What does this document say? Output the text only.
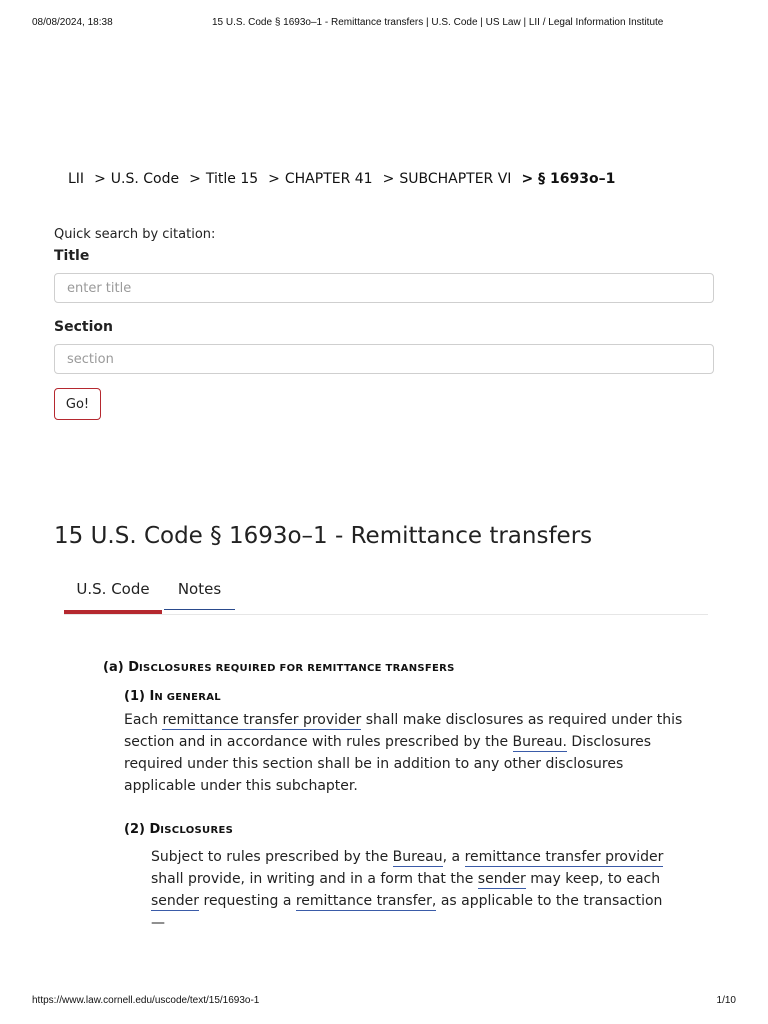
08/08/2024, 18:38	15 U.S. Code § 1693o–1 - Remittance transfers | U.S. Code | US Law | LII / Legal Information Institute
LII > U.S. Code > Title 15 > CHAPTER 41 > SUBCHAPTER VI > § 1693o–1
Quick search by citation:
Title
enter title
Section
section
Go!
15 U.S. Code § 1693o–1 - Remittance transfers
U.S. Code	Notes
(a) DISCLOSURES REQUIRED FOR REMITTANCE TRANSFERS
(1) IN GENERAL

Each remittance transfer provider shall make disclosures as required under this section and in accordance with rules prescribed by the Bureau. Disclosures required under this section shall be in addition to any other disclosures applicable under this subchapter.

(2) DISCLOSURES

Subject to rules prescribed by the Bureau, a remittance transfer provider shall provide, in writing and in a form that the sender may keep, to each sender requesting a remittance transfer, as applicable to the transaction—

https://www.law.cornell.edu/uscode/text/15/1693o-1	1/10
